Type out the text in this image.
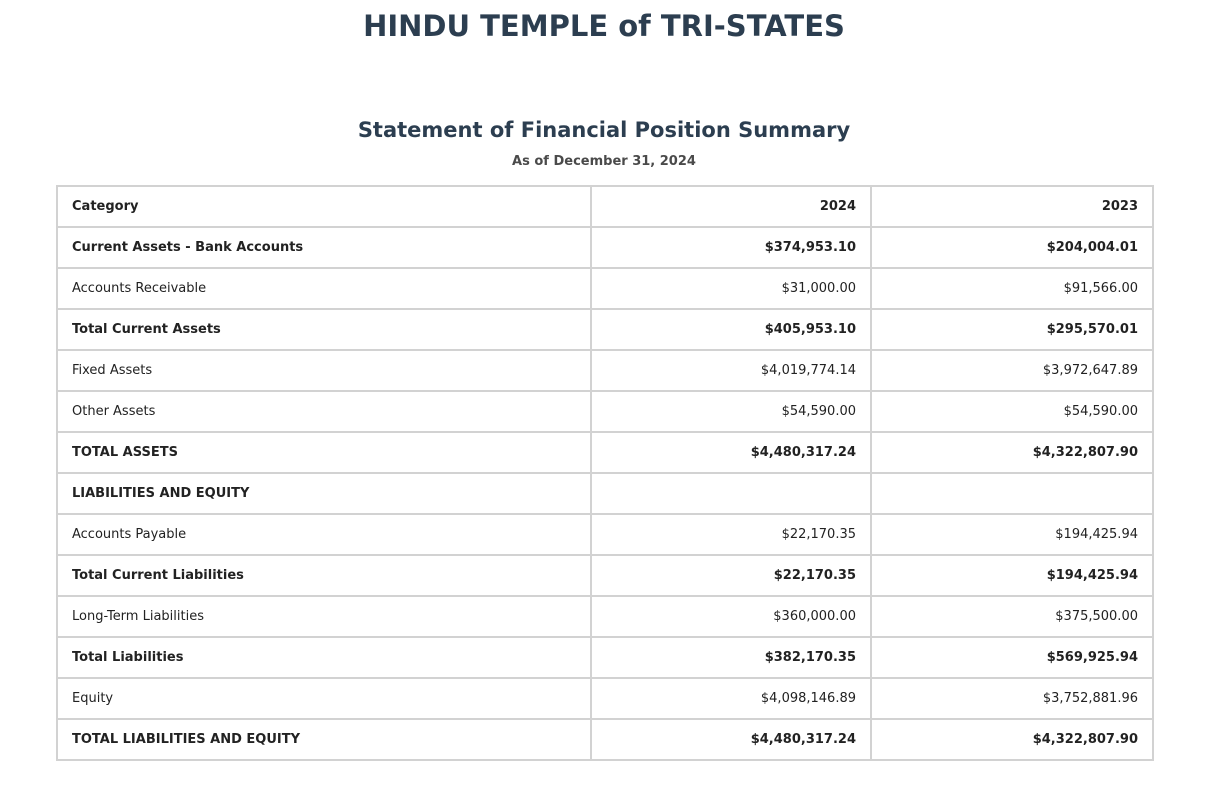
HINDU TEMPLE of TRI-STATES
Statement of Financial Position Summary
As of December 31, 2024
Category	2024	2023
Current Assets - Bank Accounts	$374,953.10	$204,004.01
Accounts Receivable	$31,000.00	$91,566.00
Total Current Assets	$405,953.10	$295,570.01
Fixed Assets	$4,019,774.14	$3,972,647.89
Other Assets	$54,590.00	$54,590.00
TOTAL ASSETS	$4,480,317.24	$4,322,807.90
LIABILITIES AND EQUITY		
Accounts Payable	$22,170.35	$194,425.94
Total Current Liabilities	$22,170.35	$194,425.94
Long-Term Liabilities	$360,000.00	$375,500.00
Total Liabilities	$382,170.35	$569,925.94
Equity	$4,098,146.89	$3,752,881.96
TOTAL LIABILITIES AND EQUITY	$4,480,317.24	$4,322,807.90
